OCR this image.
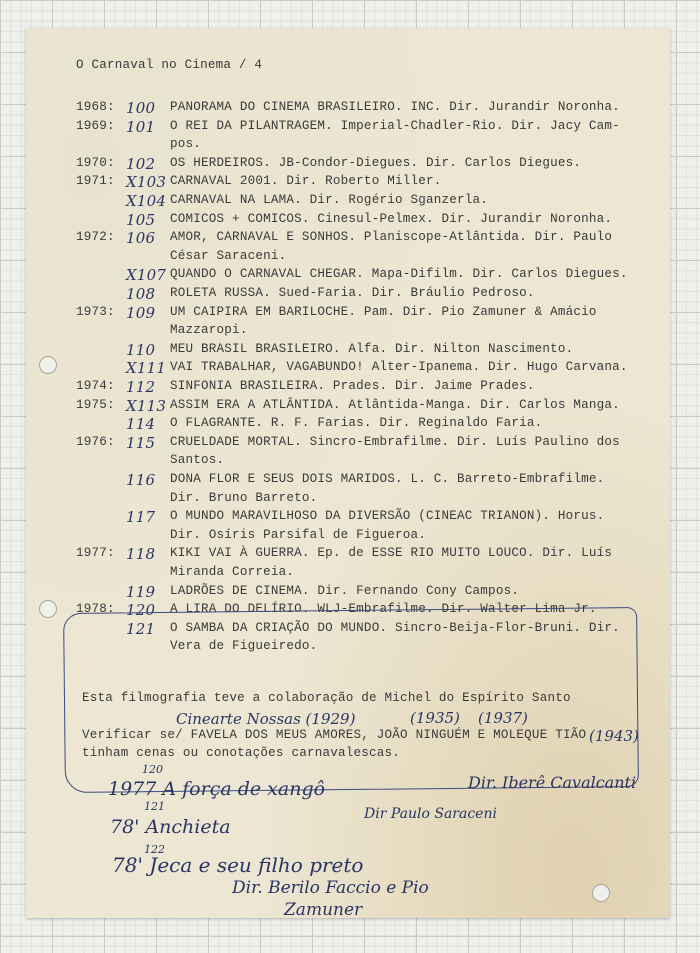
O Carnaval no Cinema / 4
1968: 100	PANORAMA DO CINEMA BRASILEIRO. INC. Dir. Jurandir Noronha.
1969: 101	O REI DA PILANTRAGEM. Imperial-Chadler-Rio. Dir. Jacy Cam-
pos.
1970: 102	OS HERDEIROS. JB-Condor-Diegues. Dir. Carlos Diegues.
1971: X103 CARNAVAL 2001. Dir. Roberto Miller.
X104 CARNAVAL NA LAMA. Dir. Rogério Sganzerla.
105	COMICOS + COMICOS. Cinesul-Pelmex. Dir. Jurandir Noronha.
1972: 106	AMOR, CARNAVAL E SONHOS. Planiscope-Atlântida. Dir. Paulo
César Saraceni.
X107 QUANDO O CARNAVAL CHEGAR. Mapa-Difilm. Dir. Carlos Diegues.
108	ROLETA RUSSA. Sued-Faria. Dir. Bráulio Pedroso.
1973: 109	UM CAIPIRA EM BARILOCHE. Pam. Dir. Pio Zamuner & Amácio
Mazzaropi.
110	MEU BRASIL BRASILEIRO. Alfa. Dir. Nilton Nascimento.
X111 VAI TRABALHAR, VAGABUNDO! Alter-Ipanema. Dir. Hugo Carvana.
1974: 112	SINFONIA BRASILEIRA. Prades. Dir. Jaime Prades.
1975: X113 ASSIM ERA A ATLÂNTIDA. Atlântida-Manga. Dir. Carlos Manga.
114	O FLAGRANTE. R. F. Farias. Dir. Reginaldo Faria.
1976: 115	CRUELDADE MORTAL. Sincro-Embrafilme. Dir. Luís Paulino dos
Santos.
116	DONA FLOR E SEUS DOIS MARIDOS. L. C. Barreto-Embrafilme.
Dir. Bruno Barreto.
117	O MUNDO MARAVILHOSO DA DIVERSÃO (CINEAC TRIANON). Horus.
Dir. Osíris Parsifal de Figueroa.
1977: 118	KIKI VAI À GUERRA. Ep. de ESSE RIO MUITO LOUCO. Dir. Luís
Miranda Correia.
119	LADRÕES DE CINEMA. Dir. Fernando Cony Campos.
1978: 120	A LIRA DO DELÍRIO. WLJ-Embrafilme. Dir. Walter Lima Jr.
121	O SAMBA DA CRIAÇÃO DO MUNDO. Sincro-Beija-Flor-Bruni. Dir.
Vera de Figueiredo.
Esta filmografia teve a colaboração de Michel do Espírito Santo
Verificar se/ FAVELA DOS MEUS AMORES, JOÃO NINGUÉM E MOLEQUE TIÃO
tinham cenas ou conotações carnavalescas.
Cinearte Nossas (1929)	(1935) (1937)
(1943)
120
1977 A força de xangô	Dir. Iberê Cavalcanti
121
78' Anchieta
Dir Paulo Saraceni
122
78' Jeca e seu filho preto
Dir. Berilo Faccio e Pio
Zamuner
